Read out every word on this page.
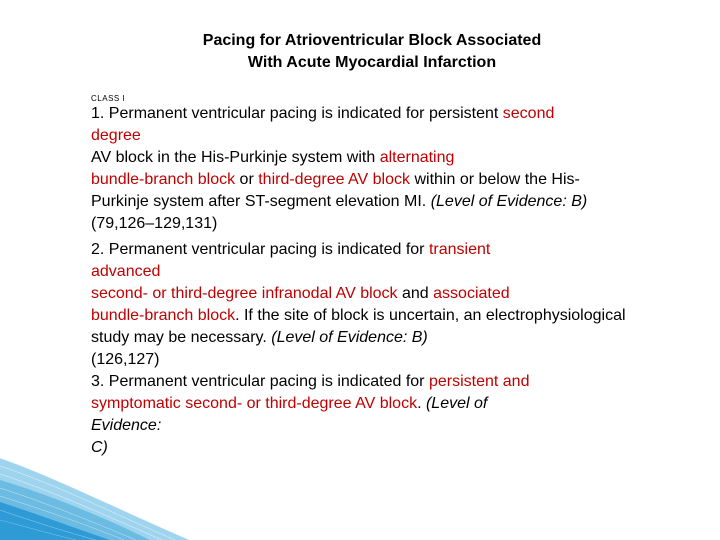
Pacing for Atrioventricular Block Associated
With Acute Myocardial Infarction
CLASS I

1. Permanent ventricular pacing is indicated for persistent second
degree
AV block in the His-Purkinje system with alternating
bundle-branch block or third-degree AV block within or below the His-Purkinje system after ST-segment elevation MI. (Level of Evidence: B) (79,126–129,131)

2. Permanent ventricular pacing is indicated for transient
advanced
second- or third-degree infranodal AV block and associated
bundle-branch block. If the site of block is uncertain, an electrophysiological
study may be necessary. (Level of Evidence: B)
(126,127)

3. Permanent ventricular pacing is indicated for persistent and
symptomatic second- or third-degree AV block. (Level of
Evidence:
C)
